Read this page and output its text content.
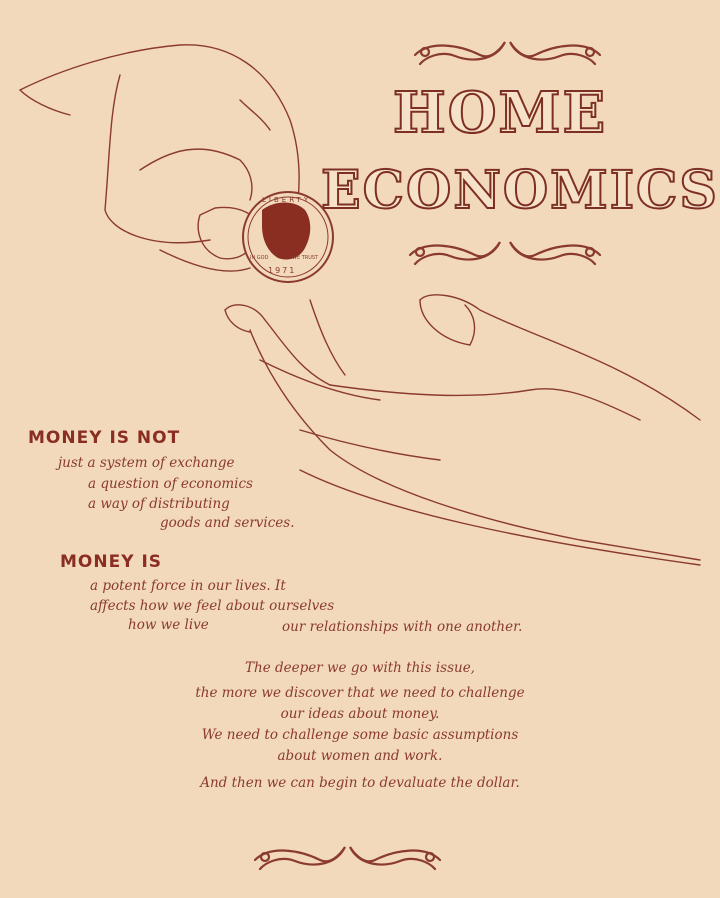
LIBERTY
IN GOD	WE TRUST
1971
HOME
ECONOMICS
MONEY IS NOT
just a system of exchange
a question of economics
a way of distributing
goods and services.
MONEY IS
a potent force in our lives. It
affects how we feel about ourselves
how we live	our relationships with one another.
The deeper we go with this issue,
the more we discover that we need to challenge
our ideas about money.
We need to challenge some basic assumptions
about women and work.
And then we can begin to devaluate the dollar.
